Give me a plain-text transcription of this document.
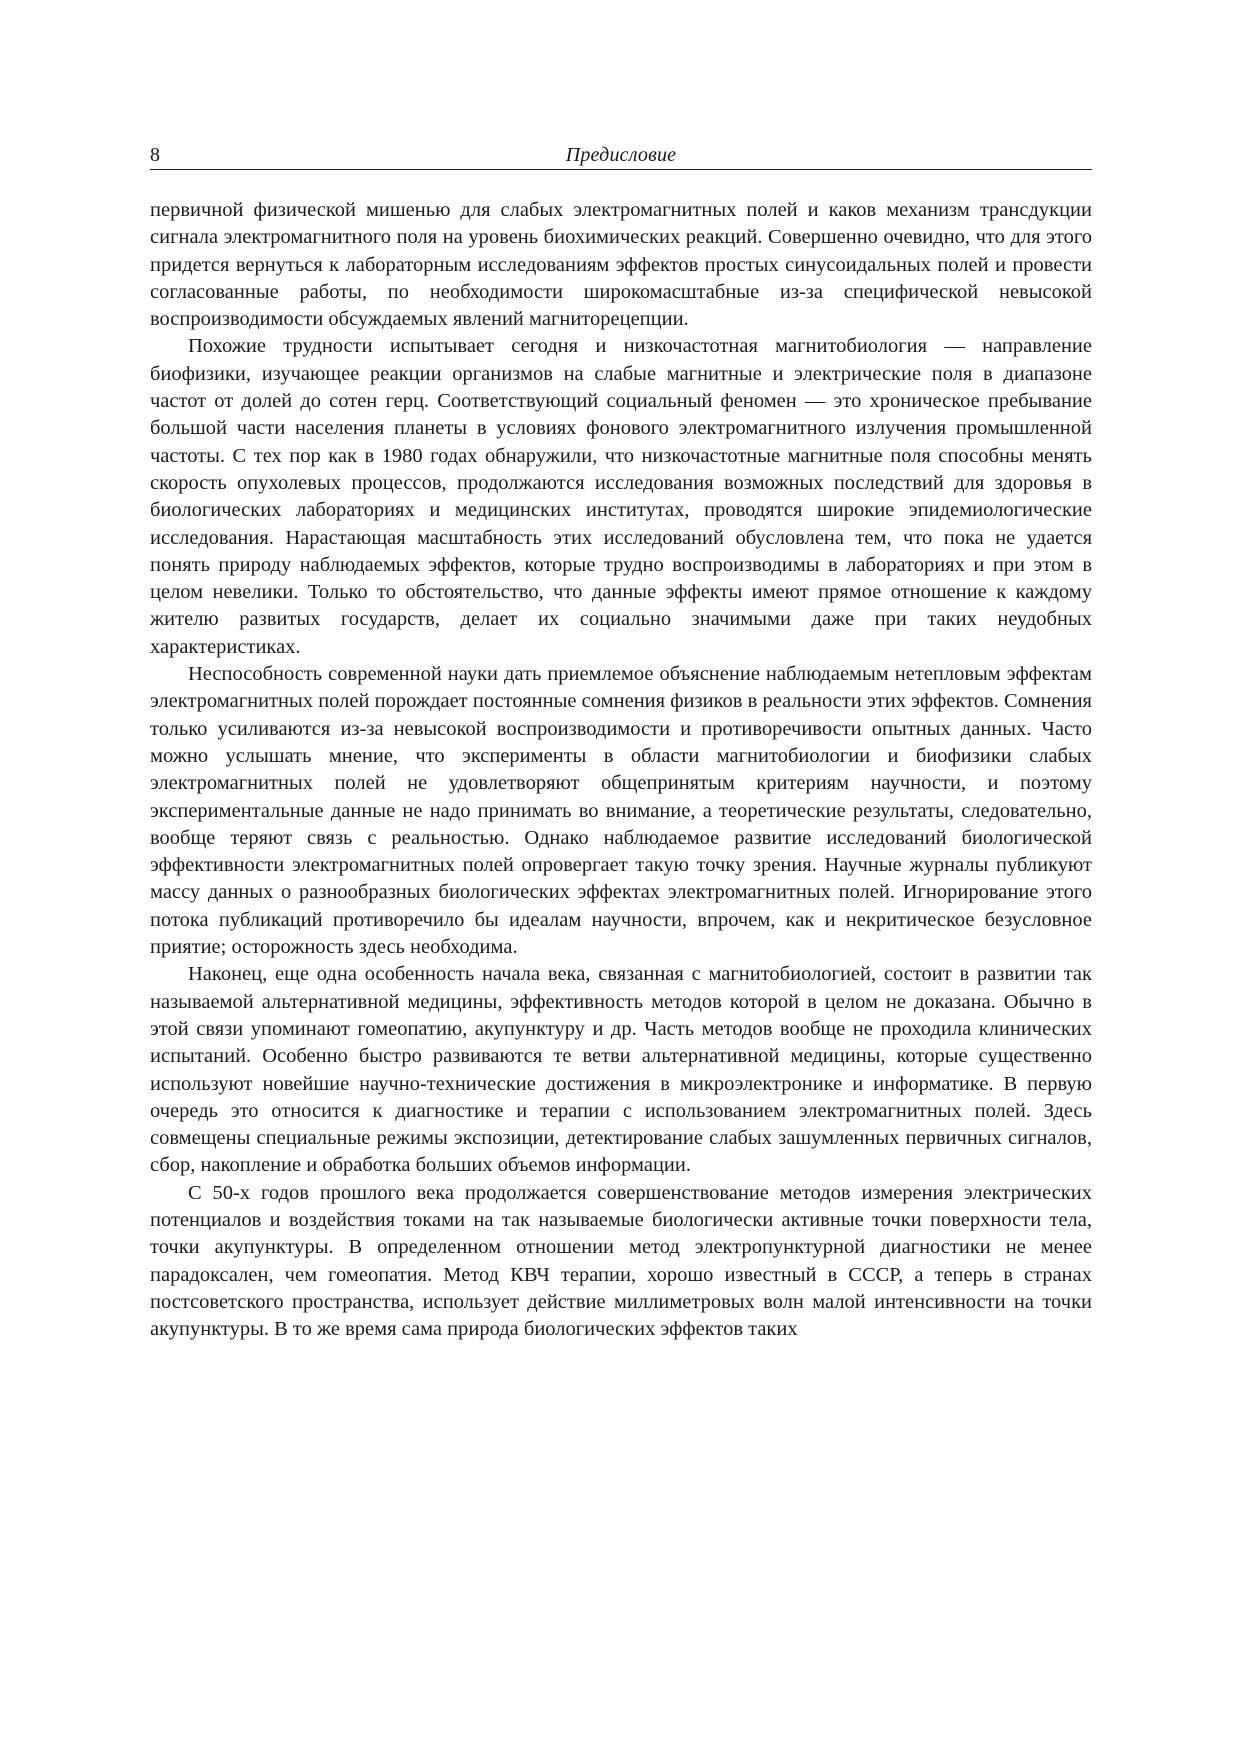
8	Предисловие

первичной физической мишенью для слабых электромагнитных полей и каков механизм трансдукции сигнала электромагнитного поля на уровень биохимических реакций. Совершенно очевидно, что для этого придется вернуться к лабораторным исследованиям эффектов простых синусоидальных полей и провести согласованные работы, по необходимости широкомасштабные из-за специфической невысокой воспроизводимости обсуждаемых явлений магниторецепции.

Похожие трудности испытывает сегодня и низкочастотная магнитобиология — направление биофизики, изучающее реакции организмов на слабые магнитные и электрические поля в диапазоне частот от долей до сотен герц. Соответствующий социальный феномен — это хроническое пребывание большой части населения планеты в условиях фонового электромагнитного излучения промышленной частоты. С тех пор как в 1980 годах обнаружили, что низкочастотные магнитные поля способны менять скорость опухолевых процессов, продолжаются исследования возможных последствий для здоровья в биологических лабораториях и медицинских институтах, проводятся широкие эпидемиологические исследования. Нарастающая масштабность этих исследований обусловлена тем, что пока не удается понять природу наблюдаемых эффектов, которые трудно воспроизводимы в лабораториях и при этом в целом невелики. Только то обстоятельство, что данные эффекты имеют прямое отношение к каждому жителю развитых государств, делает их социально значимыми даже при таких неудобных характеристиках.

Неспособность современной науки дать приемлемое объяснение наблюдаемым нетепловым эффектам электромагнитных полей порождает постоянные сомнения физиков в реальности этих эффектов. Сомнения только усиливаются из-за невысокой воспроизводимости и противоречивости опытных данных. Часто можно услышать мнение, что эксперименты в области магнитобиологии и биофизики слабых электромагнитных полей не удовлетворяют общепринятым критериям научности, и поэтому экспериментальные данные не надо принимать во внимание, а теоретические результаты, следовательно, вообще теряют связь с реальностью. Однако наблюдаемое развитие исследований биологической эффективности электромагнитных полей опровергает такую точку зрения. Научные журналы публикуют массу данных о разнообразных биологических эффектах электромагнитных полей. Игнорирование этого потока публикаций противоречило бы идеалам научности, впрочем, как и некритическое безусловное приятие; осторожность здесь необходима.

Наконец, еще одна особенность начала века, связанная с магнитобиологией, состоит в развитии так называемой альтернативной медицины, эффективность методов которой в целом не доказана. Обычно в этой связи упоминают гомеопатию, акупунктуру и др. Часть методов вообще не проходила клинических испытаний. Особенно быстро развиваются те ветви альтернативной медицины, которые существенно используют новейшие научно-технические достижения в микроэлектронике и информатике. В первую очередь это относится к диагностике и терапии с использованием электромагнитных полей. Здесь совмещены специальные режимы экспозиции, детектирование слабых зашумленных первичных сигналов, сбор, накопление и обработка больших объемов информации.

С 50-х годов прошлого века продолжается совершенствование методов измерения электрических потенциалов и воздействия токами на так называемые биологически активные точки поверхности тела, точки акупунктуры. В определенном отношении метод электропунктурной диагностики не менее парадоксален, чем гомеопатия. Метод КВЧ терапии, хорошо известный в СССР, а теперь в странах постсоветского пространства, использует действие миллиметровых волн малой интенсивности на точки акупунктуры. В то же время сама природа биологических эффектов таких
